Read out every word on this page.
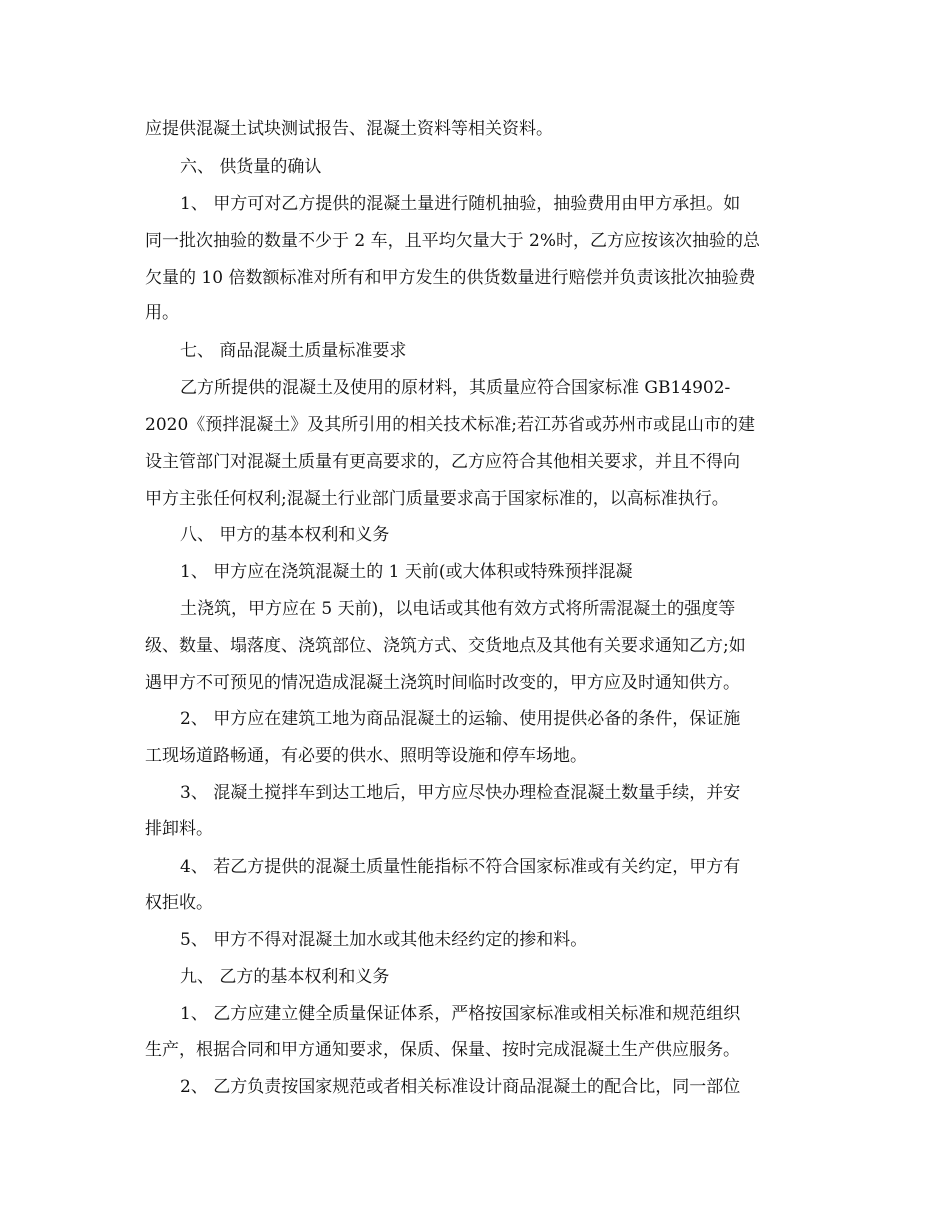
应提供混凝土试块测试报告、混凝土资料等相关资料。
六、 供货量的确认
1、 甲方可对乙方提供的混凝土量进行随机抽验，抽验费用由甲方承担。如
同一批次抽验的数量不少于 2 车，且平均欠量大于 2%时，乙方应按该次抽验的总
欠量的 10 倍数额标准对所有和甲方发生的供货数量进行赔偿并负责该批次抽验费
用。
七、 商品混凝土质量标准要求
乙方所提供的混凝土及使用的原材料，其质量应符合国家标准 GB14902-
2020《预拌混凝土》及其所引用的相关技术标准;若江苏省或苏州市或昆山市的建
设主管部门对混凝土质量有更高要求的，乙方应符合其他相关要求，并且不得向
甲方主张任何权利;混凝土行业部门质量要求高于国家标准的，以高标准执行。
八、 甲方的基本权利和义务
1、 甲方应在浇筑混凝土的 1 天前(或大体积或特殊预拌混凝
土浇筑，甲方应在 5 天前)，以电话或其他有效方式将所需混凝土的强度等
级、数量、塌落度、浇筑部位、浇筑方式、交货地点及其他有关要求通知乙方;如
遇甲方不可预见的情况造成混凝土浇筑时间临时改变的，甲方应及时通知供方。
2、 甲方应在建筑工地为商品混凝土的运输、使用提供必备的条件，保证施
工现场道路畅通，有必要的供水、照明等设施和停车场地。
3、 混凝土搅拌车到达工地后，甲方应尽快办理检查混凝土数量手续，并安
排卸料。
4、 若乙方提供的混凝土质量性能指标不符合国家标准或有关约定，甲方有
权拒收。
5、 甲方不得对混凝土加水或其他未经约定的掺和料。
九、 乙方的基本权利和义务
1、 乙方应建立健全质量保证体系，严格按国家标准或相关标准和规范组织
生产，根据合同和甲方通知要求，保质、保量、按时完成混凝土生产供应服务。
2、 乙方负责按国家规范或者相关标准设计商品混凝土的配合比，同一部位
